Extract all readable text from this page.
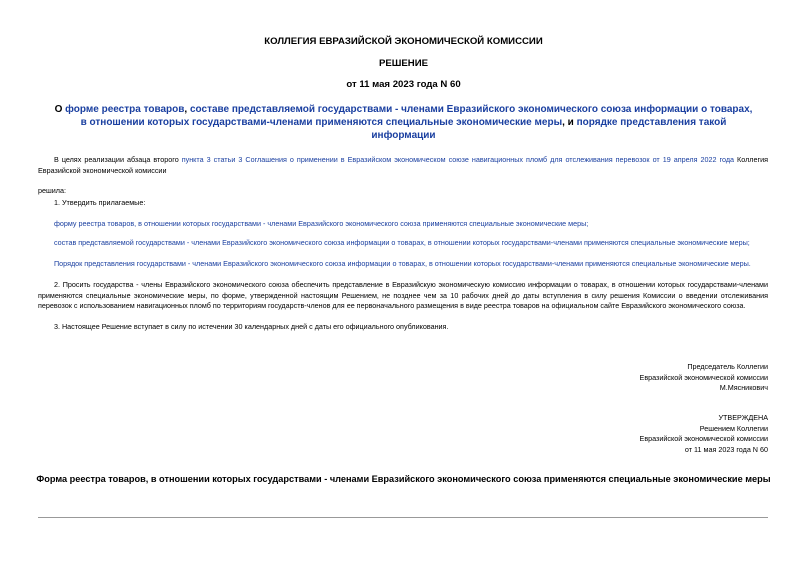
КОЛЛЕГИЯ ЕВРАЗИЙСКОЙ ЭКОНОМИЧЕСКОЙ КОМИССИИ
РЕШЕНИЕ
от 11 мая 2023 года N 60
О форме реестра товаров, составе представляемой государствами - членами Евразийского экономического союза информации о товарах, в отношении которых государствами-членами применяются специальные экономические меры, и порядке представления такой информации
В целях реализации абзаца второго пункта 3 статьи 3 Соглашения о применении в Евразийском экономическом союзе навигационных пломб для отслеживания перевозок от 19 апреля 2022 года Коллегия Евразийской экономической комиссии
решила:
1. Утвердить прилагаемые:
форму реестра товаров, в отношении которых государствами - членами Евразийского экономического союза применяются специальные экономические меры;
состав представляемой государствами - членами Евразийского экономического союза информации о товарах, в отношении которых государствами-членами применяются специальные экономические меры;
Порядок представления государствами - членами Евразийского экономического союза информации о товарах, в отношении которых государствами-членами применяются специальные экономические меры.
2. Просить государства - члены Евразийского экономического союза обеспечить представление в Евразийскую экономическую комиссию информации о товарах, в отношении которых государствами-членами применяются специальные экономические меры, по форме, утвержденной настоящим Решением, не позднее чем за 10 рабочих дней до даты вступления в силу решения Комиссии о введении отслеживания перевозок с использованием навигационных пломб по территориям государств-членов для ее первоначального размещения в виде реестра товаров на официальном сайте Евразийского экономического союза.
3. Настоящее Решение вступает в силу по истечении 30 календарных дней с даты его официального опубликования.
Председатель Коллегии
Евразийской экономической комиссии
М.Мясникович
УТВЕРЖДЕНА
Решением Коллегии
Евразийской экономической комиссии
от 11 мая 2023 года N 60
Форма реестра товаров, в отношении которых государствами - членами Евразийского экономического союза применяются специальные экономические меры
